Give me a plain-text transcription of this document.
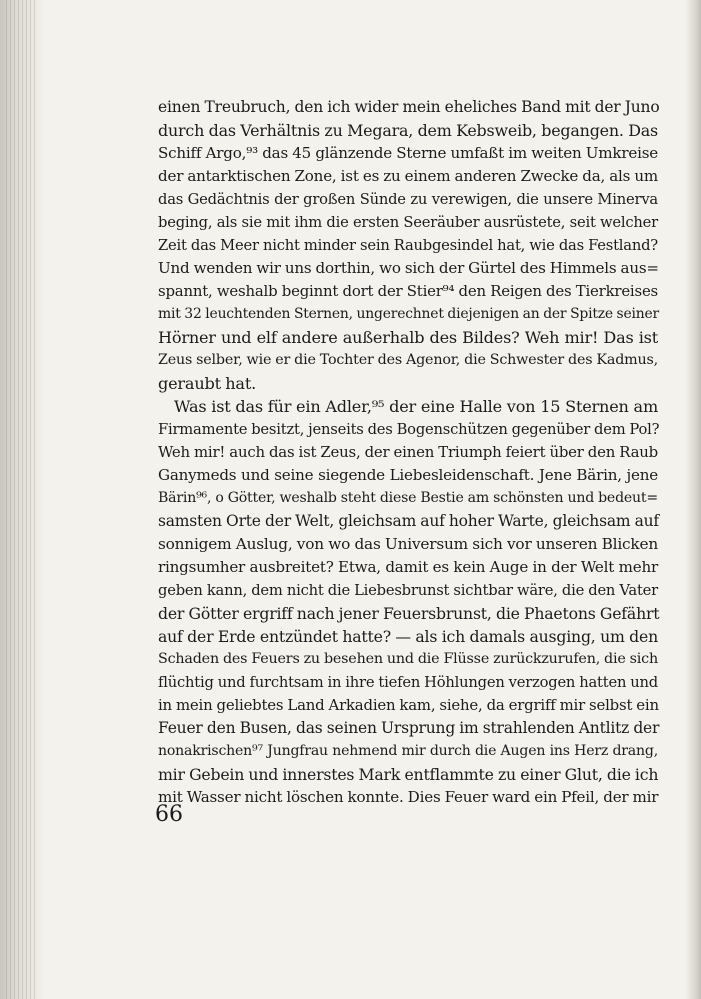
einen Treubruch, den ich wider mein eheliches Band mit der Juno
durch das Verhältnis zu Megara, dem Kebsweib, begangen. Das
Schiff Argo,⁹³ das 45 glänzende Sterne umfaßt im weiten Umkreise
der antarktischen Zone, ist es zu einem anderen Zwecke da, als um
das Gedächtnis der großen Sünde zu verewigen, die unsere Minerva
beging, als sie mit ihm die ersten Seeräuber ausrüstete, seit welcher
Zeit das Meer nicht minder sein Raubgesindel hat, wie das Festland?
Und wenden wir uns dorthin, wo sich der Gürtel des Himmels aus=
spannt, weshalb beginnt dort der Stier⁹⁴ den Reigen des Tierkreises
mit 32 leuchtenden Sternen, ungerechnet diejenigen an der Spitze seiner
Hörner und elf andere außerhalb des Bildes? Weh mir! Das ist
Zeus selber, wie er die Tochter des Agenor, die Schwester des Kadmus,
geraubt hat.
Was ist das für ein Adler,⁹⁵ der eine Halle von 15 Sternen am
Firmamente besitzt, jenseits des Bogenschützen gegenüber dem Pol?
Weh mir! auch das ist Zeus, der einen Triumph feiert über den Raub
Ganymeds und seine siegende Liebesleidenschaft. Jene Bärin, jene
Bärin⁹⁶, o Götter, weshalb steht diese Bestie am schönsten und bedeut=
samsten Orte der Welt, gleichsam auf hoher Warte, gleichsam auf
sonnigem Auslug, von wo das Universum sich vor unseren Blicken
ringsumher ausbreitet? Etwa, damit es kein Auge in der Welt mehr
geben kann, dem nicht die Liebesbrunst sichtbar wäre, die den Vater
der Götter ergriff nach jener Feuersbrunst, die Phaetons Gefährt
auf der Erde entzündet hatte? — als ich damals ausging, um den
Schaden des Feuers zu besehen und die Flüsse zurückzurufen, die sich
flüchtig und furchtsam in ihre tiefen Höhlungen verzogen hatten und
in mein geliebtes Land Arkadien kam, siehe, da ergriff mir selbst ein
Feuer den Busen, das seinen Ursprung im strahlenden Antlitz der
nonakrischen⁹⁷ Jungfrau nehmend mir durch die Augen ins Herz drang,
mir Gebein und innerstes Mark entflammte zu einer Glut, die ich
mit Wasser nicht löschen konnte. Dies Feuer ward ein Pfeil, der mir
66
